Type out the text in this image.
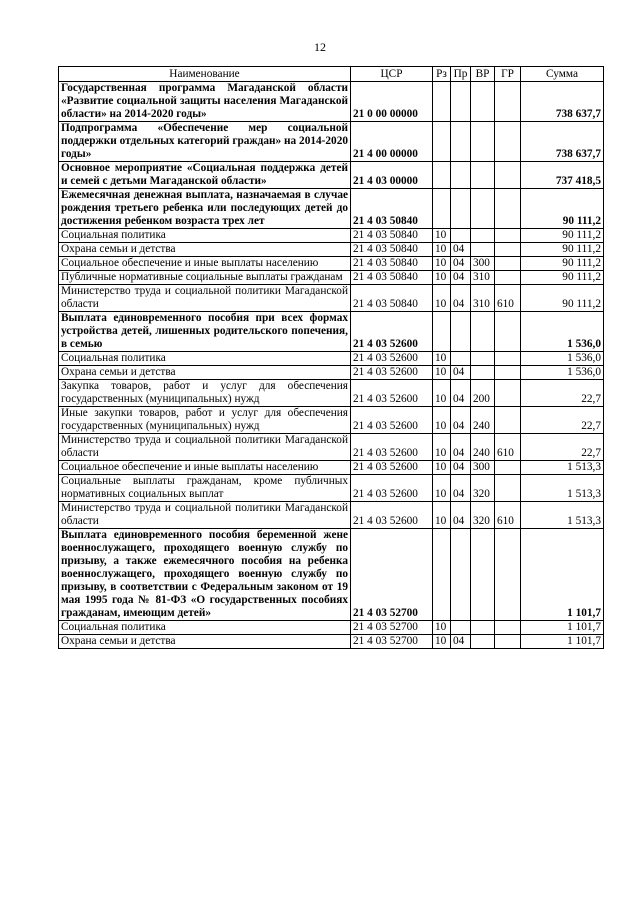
12
Наименование	ЦСР	Рз	Пр	ВР	ГР	Сумма
Государственная программа Магаданской области «Развитие социальной защиты населения Магаданской области» на 2014-2020 годы»	21 0 00 00000					738 637,7
Подпрограмма «Обеспечение мер социальной поддержки отдельных категорий граждан» на 2014-2020 годы»	21 4 00 00000					738 637,7
Основное мероприятие «Социальная поддержка детей и семей с детьми Магаданской области»	21 4 03 00000					737 418,5
Ежемесячная денежная выплата, назначаемая в случае рождения третьего ребенка или последующих детей до достижения ребенком возраста трех лет	21 4 03 50840					90 111,2
Социальная политика	21 4 03 50840	10				90 111,2
Охрана семьи и детства	21 4 03 50840	10	04			90 111,2
Социальное обеспечение и иные выплаты населению	21 4 03 50840	10	04	300		90 111,2
Публичные нормативные социальные выплаты гражданам	21 4 03 50840	10	04	310		90 111,2
Министерство труда и социальной политики Магаданской области	21 4 03 50840	10	04	310	610	90 111,2
Выплата единовременного пособия при всех формах устройства детей, лишенных родительского попечения, в семью	21 4 03 52600					1 536,0
Социальная политика	21 4 03 52600	10				1 536,0
Охрана семьи и детства	21 4 03 52600	10	04			1 536,0
Закупка товаров, работ и услуг для обеспечения государственных (муниципальных) нужд	21 4 03 52600	10	04	200		22,7
Иные закупки товаров, работ и услуг для обеспечения государственных (муниципальных) нужд	21 4 03 52600	10	04	240		22,7
Министерство труда и социальной политики Магаданской области	21 4 03 52600	10	04	240	610	22,7
Социальное обеспечение и иные выплаты населению	21 4 03 52600	10	04	300		1 513,3
Социальные выплаты гражданам, кроме публичных нормативных социальных выплат	21 4 03 52600	10	04	320		1 513,3
Министерство труда и социальной политики Магаданской области	21 4 03 52600	10	04	320	610	1 513,3
Выплата единовременного пособия беременной жене военнослужащего, проходящего военную службу по призыву, а также ежемесячного пособия на ребенка военнослужащего, проходящего военную службу по призыву, в соответствии с Федеральным законом от 19 мая 1995 года № 81-ФЗ «О государственных пособиях гражданам, имеющим детей»	21 4 03 52700					1 101,7
Социальная политика	21 4 03 52700	10				1 101,7
Охрана семьи и детства	21 4 03 52700	10	04			1 101,7
